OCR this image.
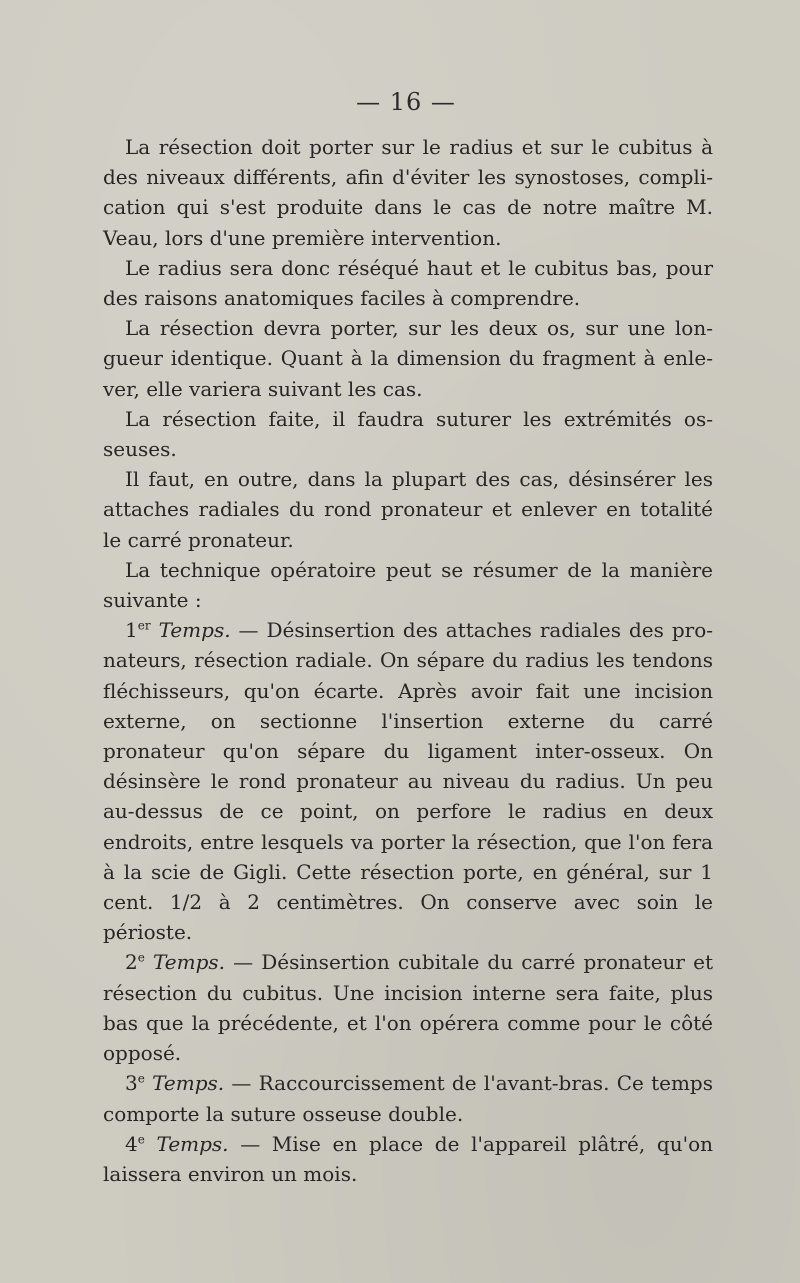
— 16 —

La résection doit porter sur le radius et sur le cubitus à des niveaux différents, afin d'éviter les synostoses, complication qui s'est produite dans le cas de notre maître M. Veau, lors d'une première intervention.

Le radius sera donc réséqué haut et le cubitus bas, pour des raisons anatomiques faciles à comprendre.

La résection devra porter, sur les deux os, sur une longueur identique. Quant à la dimension du fragment à enlever, elle variera suivant les cas.

La résection faite, il faudra suturer les extrémités osseuses.

Il faut, en outre, dans la plupart des cas, désinsérer les attaches radiales du rond pronateur et enlever en totalité le carré pronateur.

La technique opératoire peut se résumer de la manière suivante :

1er Temps. — Désinsertion des attaches radiales des pronateurs, résection radiale. On sépare du radius les tendons fléchisseurs, qu'on écarte. Après avoir fait une incision externe, on sectionne l'insertion externe du carré pronateur qu'on sépare du ligament inter-osseux. On désinsère le rond pronateur au niveau du radius. Un peu au-dessus de ce point, on perfore le radius en deux endroits, entre lesquels va porter la résection, que l'on fera à la scie de Gigli. Cette résection porte, en général, sur 1 cent. 1/2 à 2 centimètres. On conserve avec soin le périoste.

2e Temps. — Désinsertion cubitale du carré pronateur et résection du cubitus. Une incision interne sera faite, plus bas que la précédente, et l'on opérera comme pour le côté opposé.

3e Temps. — Raccourcissement de l'avant-bras. Ce temps comporte la suture osseuse double.

4e Temps. — Mise en place de l'appareil plâtré, qu'on laissera environ un mois.
